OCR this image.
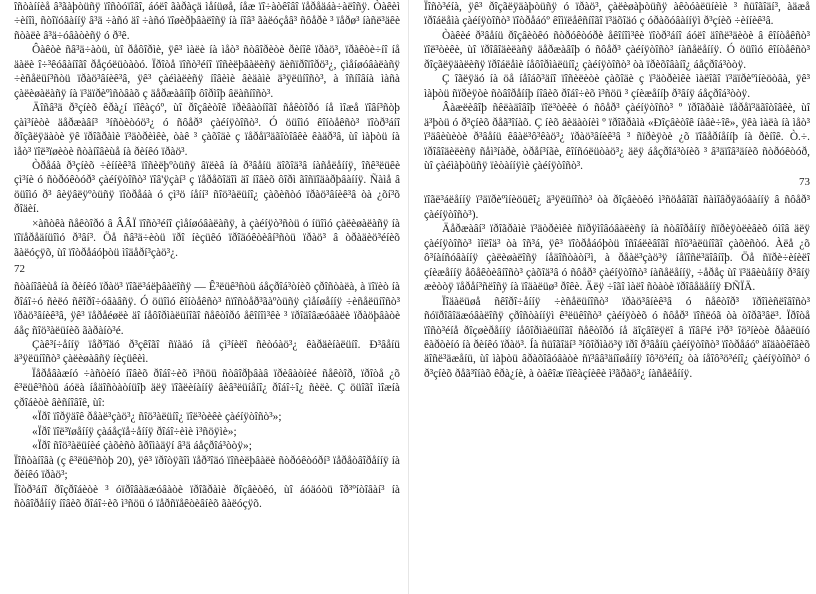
îñòàííèå â³ãàþòüñÿ ïîñòóïîâî, áóëî ãàðàçä ìåíüøå, íåæ ïî÷àòêîâî ïåðåäáà÷àëîñÿ. Òàêèì ÷èíîì, ñòîïóâàííÿ â³ä ÷àñó äî ÷àñó ïîøèðþâàëîñÿ íà íîâ³ ãàëóçåâ³ ñôåðè ³ ïåðø³ íàñë³äêè ñòàëè â³ä÷óâàòèñÿ ó ð³ê.

Ôàêòè ñâ³ä÷àòü, ùî ðåôîðìè, ÿê³ ìàëè íà ìåò³ ñòâîðèòè ðèíîê ïðàö³, ïðàêòè÷íî íå äàëè î÷³êóâàíîãî ðåçóëüòàòó. Ïðîòå ïîñò³éíî ïîñèëþâàëèñÿ äèñïðîïîðö³¿, çìåíøóâàëàñÿ ÷èñåëüí³ñòü ïðàö³âíèê³â, ÿê³ çàéìàëèñÿ íîâèìè âèäàìè ä³ÿëüíîñò³, à îñíîâíà ìàñà çàëèøàëàñÿ íà ï³äïðèºìñòâàõ ç äåðæàâíîþ ôîðìîþ âëàñíîñò³.

Äîñâ³ä ð³çíèõ êðà¿í ïîêàçóº, ùî ðîçâèòîê ïðèâàòíîãî ñåêòîðó íå ìîæå ïîâí³ñòþ çàì³íèòè äåðæàâí³ ³íñòèòóö³¿ ó ñôåð³ çàéíÿòîñò³. Ó öüîìó êîíòåêñò³ ïîòð³áíî ðîçãëÿäàòè ÿê ïðîãðàìè ï³äòðèìêè, òàê ³ çàõîäè ç ïåðåï³äãîòîâêè êàäð³â, ùî ìàþòü íà ìåò³ ïîë³ïøèòè ñòàíîâèùå íà ðèíêó ïðàö³.

Òðåáà ð³çíèõ ÷èííèê³â ïîñèëþºòüñÿ âïëèâ íà ð³âåíü äîõîä³â íàñåëåííÿ, îñê³ëüêè çì³íè ó ñòðóêòóð³ çàéíÿòîñò³ ïîâ'ÿçàí³ ç ïåðåõîäîì äî íîâèõ ôîðì ãîñïîäàðþâàííÿ. Ñàìå â öüîìó ð³ âèÿâëÿºòüñÿ ïîòðåáà ó çì³ö íåíí³ ñîö³àëüíî¿ çàõèñòó ïðàö³âíèê³â òà ¿õí³õ ðîäèí.

×àñòêà ñåêòîðó â ÂÂÏ ïîñò³éíî çìåíøóâàëàñÿ, à çàéíÿò³ñòü ó íüîìó çàëèøàëàñÿ íà ïîïåðåäíüîìó ð³âí³. Öå ñâ³ä÷èòü ïðî íèçüêó ïðîäóêòèâí³ñòü ïðàö³ â òðàäèö³éíèõ ãàëóçÿõ, ùî ïîòðåáóþòü ìîäåðí³çàö³¿.

72

ñòàíîâèùå íà ðèíêó ïðàö³ ïîãë³áëþâàëîñÿ — Ê³ëüê³ñòü áåçðîá³òíèõ çðîñòàëà, à ïîïèò íà ðîáî÷ó ñèëó ñêîðî÷óâàâñÿ. Ó öüîìó êîíòåêñò³ ñïîñòåð³ãàºòüñÿ çìåíøåííÿ ÷èñåëüíîñò³ ïðàö³âíèê³â, ÿê³ ïåðåéøëè äî íåôîðìàëüíîãî ñåêòîðó åêîíîì³êè ³ ïðîäîâæóâàëè ïðàöþâàòè áåç ñîö³àëüíèõ ãàðàíò³é.

Çàê³í÷åííÿ ïåð³îäó ð³çêîãî ñïàäó íå çì³íèëî ñèòóàö³¿ êàðäèíàëüíî. Ð³âåíü ä³ÿëüíîñò³ çàëèøàâñÿ íèçüêèì.

Ïåðåâàæíó ÷àñòèíó íîâèõ ðîáî÷èõ ì³ñöü ñòâîðþâàâ ïðèâàòíèé ñåêòîð, ïðîòå ¿õ ê³ëüê³ñòü áóëà íåäîñòàòíüîþ äëÿ ïîãëèíàííÿ âèâ³ëüíåíî¿ ðîáî÷î¿ ñèëè. Ç öüîãî ìîæíà çðîáèòè âèñíîâîê, ùî:

«Ïðî ïîðÿäîê ðåàë³çàö³¿ ñîö³àëüíî¿ ïîë³òèêè çàéíÿòîñò³»;

«Ïðî ïîë³ïøåííÿ çàáåçïå÷åííÿ ðîáî÷èìè ì³ñöÿìè»;

«Ïðî ñîö³àëüíèé çàõèñò ãðîìàäÿí â³ä áåçðîá³òòÿ»;

Ïîñòàíîâà (ç ê³ëüê³ñòþ 20), ÿê³ ïðîòÿãîì ïåð³îäó ïîñèëþâàëè ñòðóêòóðí³ ïåðåòâîðåííÿ íà ðèíêó ïðàö³;

Ïîòð³áíî ðîçðîáèòè ³ óïðîâàäæóâàòè ïðîãðàìè ðîçâèòêó, ùî áóäóòü îð³ºíòîâàí³ íà ñòâîðåííÿ íîâèõ ðîáî÷èõ ì³ñöü ó ïåðñïåêòèâíèõ ãàëóçÿõ.

Ïîñò³éíà, ÿê³ ðîçãëÿäàþòüñÿ ó ïðàö³, çàëèøàþòüñÿ àêòóàëüíèìè ³ ñüîãîäí³, àäæå ïðîáëåìà çàéíÿòîñò³ ïîòðåáóº êîìïëåêñíîãî ï³äõîäó ç óðàõóâàííÿì ð³çíèõ ÷èííèê³â.

Òàêèé ð³âåíü ðîçâèòêó ñòðóêòóðè åêîíîì³êè ïîòð³áíî áóëî äîñë³äèòè â êîíòåêñò³ ïîë³òèêè, ùî ïðîâîäèëàñÿ äåðæàâîþ ó ñôåð³ çàéíÿòîñò³ íàñåëåííÿ. Ó öüîìó êîíòåêñò³ ðîçãëÿäàëèñÿ ïðîáëåìè íåôîðìàëüíî¿ çàéíÿòîñò³ òà ïðèõîâàíî¿ áåçðîá³òòÿ.

Ç îãëÿäó íà öå íåîáõ³äíî ïîñèëèòè çàõîäè ç ï³äòðèìêè ìàëîãî ï³äïðèºìíèöòâà, ÿê³ ìàþòü ñïðèÿòè ñòâîðåííþ íîâèõ ðîáî÷èõ ì³ñöü ³ çíèæåííþ ð³âíÿ áåçðîá³òòÿ.

Âàæëèâîþ ñêëàäîâîþ ïîë³òèêè ó ñôåð³ çàéíÿòîñò³ º ïðîãðàìè ïåðåï³äãîòîâêè, ùî ä³þòü ó ð³çíèõ ðåã³îíàõ. Ç íèõ âèäàòíèì º ïðîãðàìà «Ðîçâèòîê íàâè÷îê», ÿêà ìàëà íà ìåò³ ï³äâèùèòè ð³âåíü êâàë³ô³êàö³¿ ïðàö³âíèê³â ³ ñïðèÿòè ¿õ ïîâåðíåííþ íà ðèíîê. Ò.÷. ïðîâîäèëèñÿ ñåì³íàðè, òðåí³íãè, êîíñóëüòàö³¿ äëÿ áåçðîá³òíèõ ³ â³äïîâ³äíèõ ñòðóêòóð, ùî çàéìàþòüñÿ ïèòàííÿìè çàéíÿòîñò³.

73

ïîãë³áëåííÿ ï³äïðèºìíèöüêî¿ ä³ÿëüíîñò³ òà ðîçâèòêó ì³ñöåâîãî ñàìîâðÿäóâàííÿ â ñôåð³ çàéíÿòîñò³).

Äåðæàâí³ ïðîãðàìè ï³äòðèìêè ñïðÿìîâóâàëèñÿ íà ñòâîðåííÿ ñïðèÿòëèâèõ óìîâ äëÿ çàéíÿòîñò³ ìîëîä³ òà îñ³á, ÿê³ ïîòðåáóþòü îñîáëèâîãî ñîö³àëüíîãî çàõèñòó. Àëå ¿õ ô³íàíñóâàííÿ çàëèøàëîñÿ íåäîñòàòí³ì, à ðåàë³çàö³ÿ íåïîñë³äîâíîþ. Öå ñïðè÷èíèëî çíèæåííÿ åôåêòèâíîñò³ çàõîä³â ó ñôåð³ çàéíÿòîñò³ íàñåëåííÿ, ÷åðåç ùî ï³äâèùåííÿ ð³âíÿ æèòòÿ ïåðåí³ñëîñÿ íà ïîäàëüø³ ðîêè. Äëÿ ÷îãî ìàëî ñòàòè ïðîâåäåííÿ ÐÑÏÄ.

Ïîäàëüøå ñêîðî÷åííÿ ÷èñåëüíîñò³ ïðàö³âíèê³â ó ñåêòîð³ ïðîìèñëîâîñò³ ñóïðîâîäæóâàëîñÿ çðîñòàííÿì ê³ëüêîñò³ çàéíÿòèõ ó ñôåð³ ïîñëóã òà òîðã³âë³. Ïðîòå ïîñò³éíå ðîçøèðåííÿ íåôîðìàëüíîãî ñåêòîðó íå äîçâîëÿëî â ïîâí³é ì³ð³ îö³íèòè ðåàëüíó êàðòèíó íà ðèíêó ïðàö³. Íà ñüîãîäí³ ³íôîðìàö³ÿ ïðî ð³âåíü çàéíÿòîñò³ ïîòðåáóº äîäàòêîâèõ äîñë³äæåíü, ùî ìàþòü âðàõîâóâàòè ñï³ââ³äíîøåííÿ îô³ö³éíî¿ òà íåîô³ö³éíî¿ çàéíÿòîñò³ ó ð³çíèõ ðåã³îíàõ êðà¿íè, à òàêîæ ïîêàçíèêè ì³ãðàö³¿ íàñåëåííÿ.
